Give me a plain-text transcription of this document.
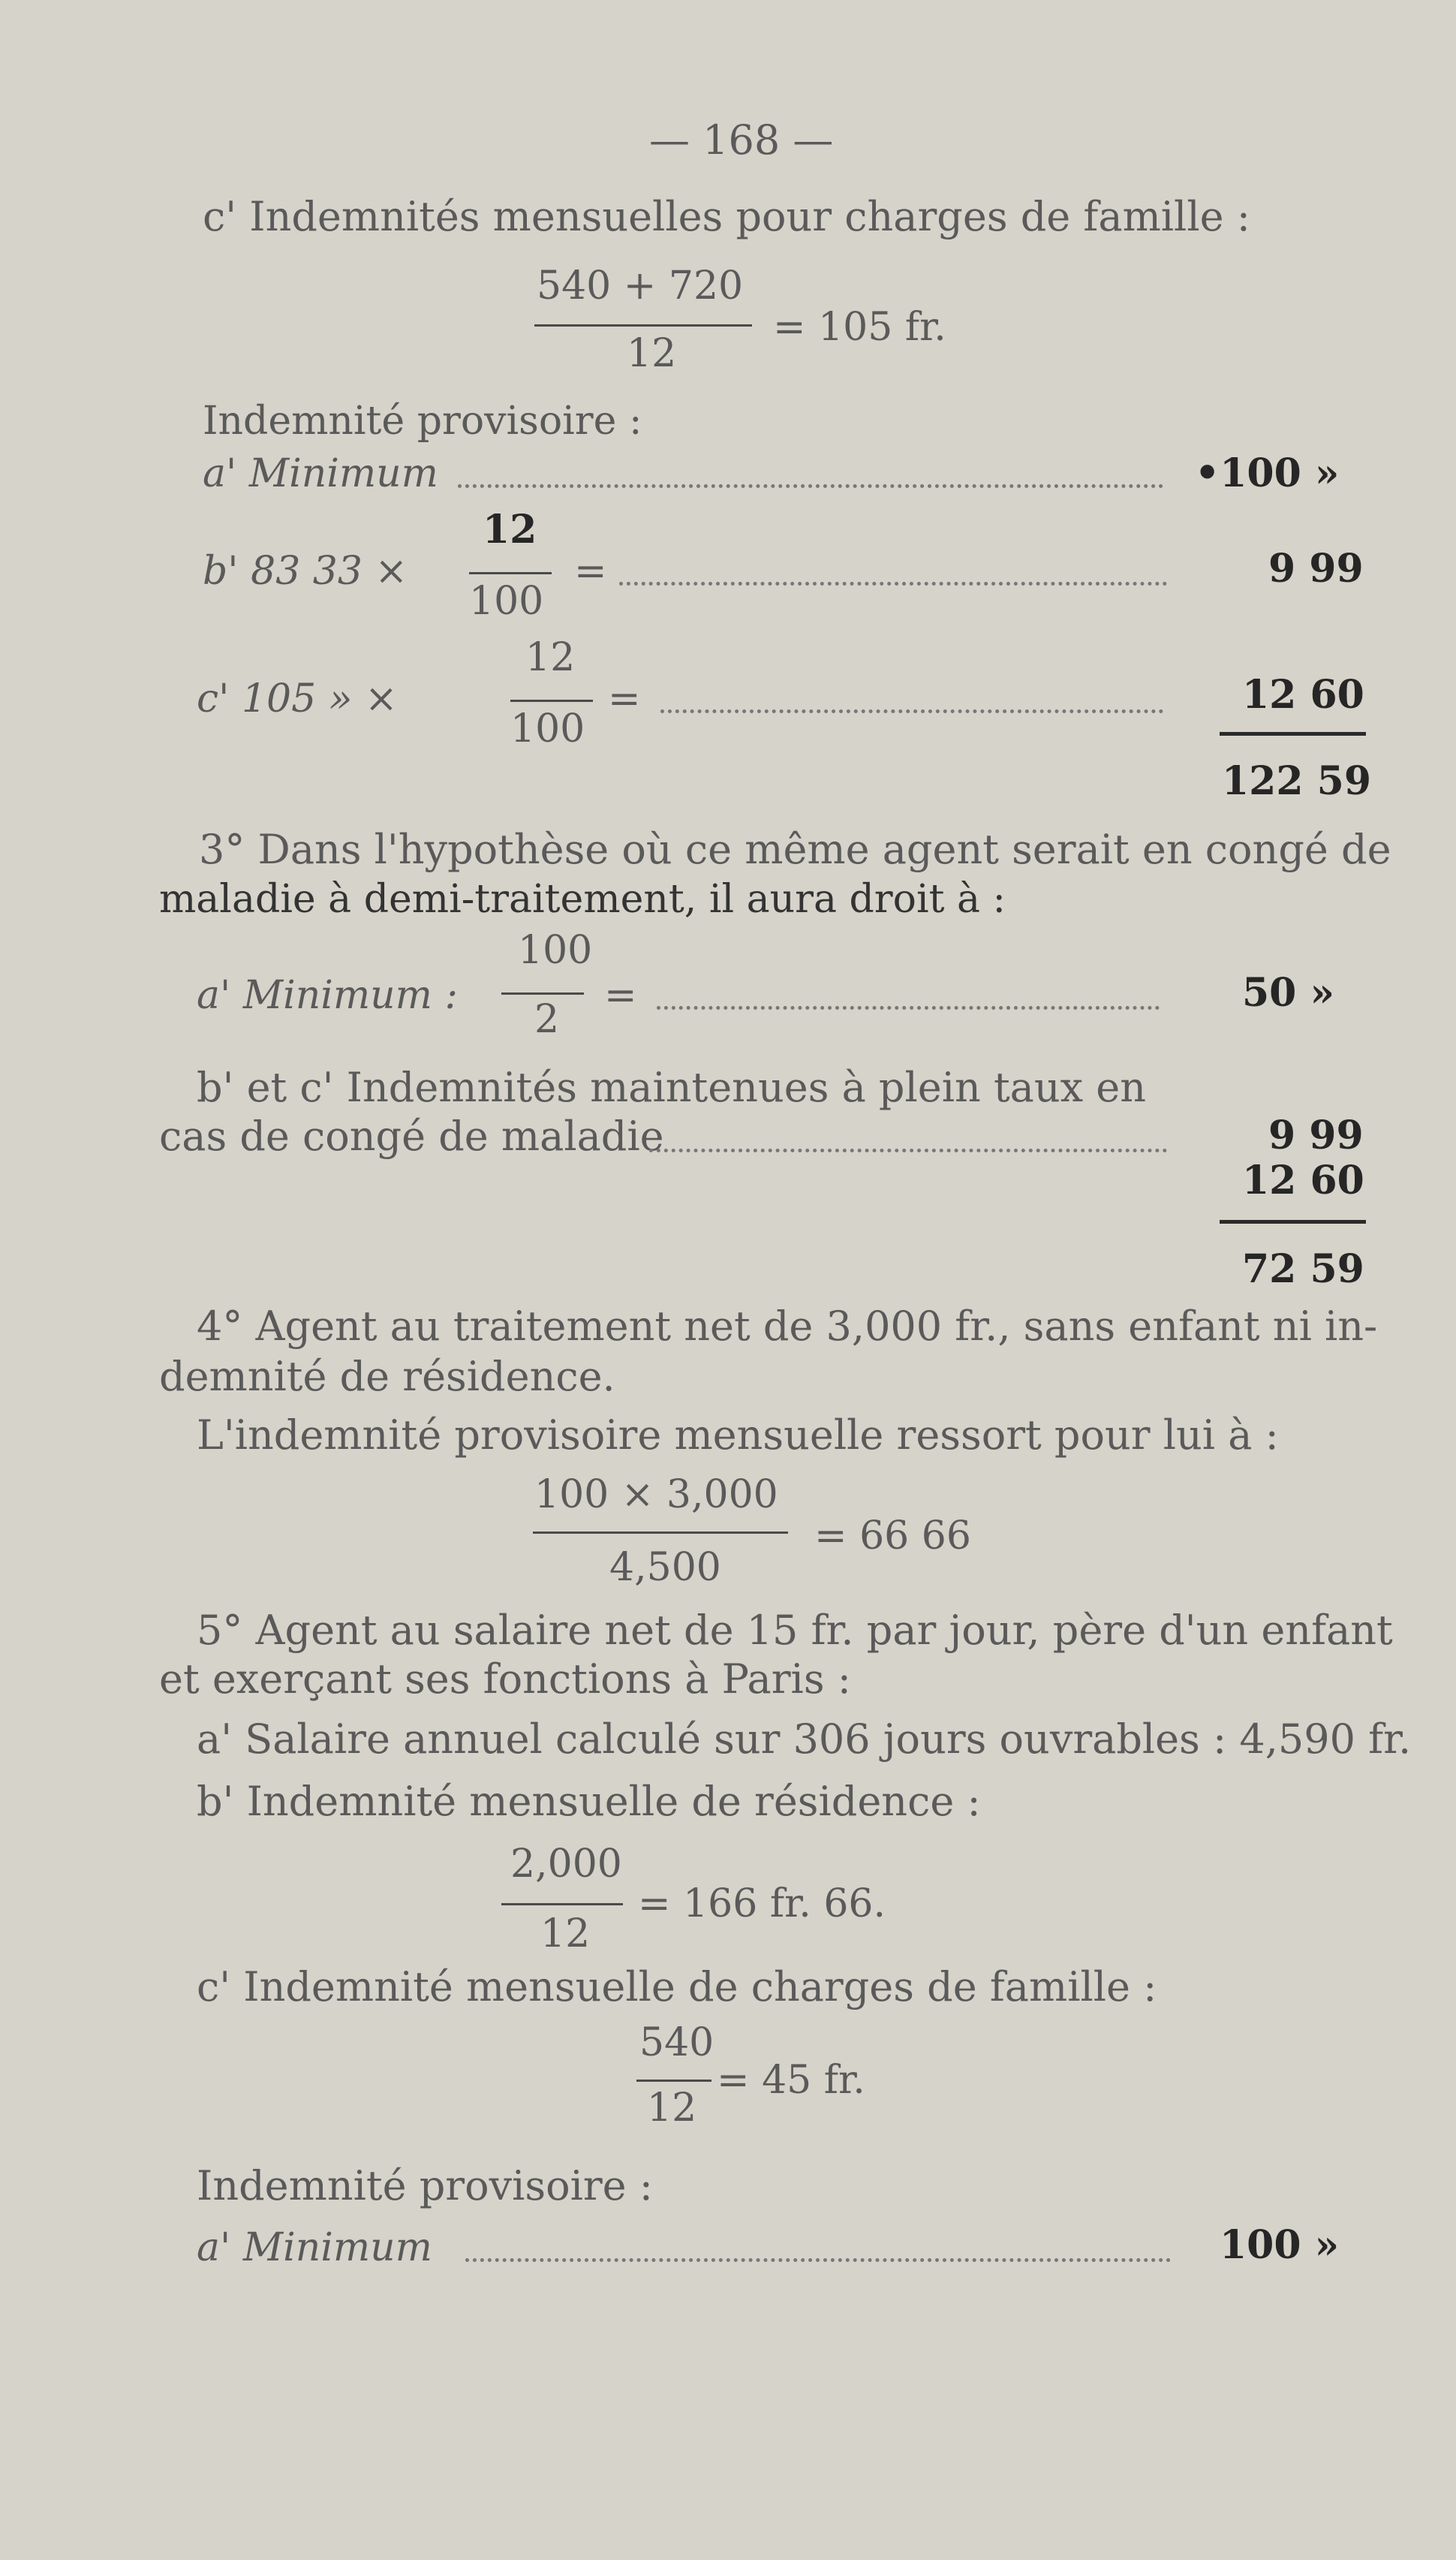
— 168 —
c' Indemnités mensuelles pour charges de famille :
540 + 720
12
= 105 fr.
Indemnité provisoire :
a' Minimum	•100 »
b' 83 33 ×
12
100
=	9 99
c' 105 » ×
12
100
=	12 60
122 59
3° Dans l'hypothèse où ce même agent serait en congé de
maladie à demi-traitement, il aura droit à :
100
a' Minimum :
2
=	50 »
b' et c' Indemnités maintenues à plein taux en
cas de congé de maladie	9 99
12 60
72 59
4° Agent au traitement net de 3,000 fr., sans enfant ni in-
demnité de résidence.
L'indemnité provisoire mensuelle ressort pour lui à :
100 × 3,000
4,500
= 66 66
5° Agent au salaire net de 15 fr. par jour, père d'un enfant
et exerçant ses fonctions à Paris :
a' Salaire annuel calculé sur 306 jours ouvrables : 4,590 fr.
b' Indemnité mensuelle de résidence :
2,000
12
= 166 fr. 66.
c' Indemnité mensuelle de charges de famille :
540
12
= 45 fr.
Indemnité provisoire :
a' Minimum	100 »
